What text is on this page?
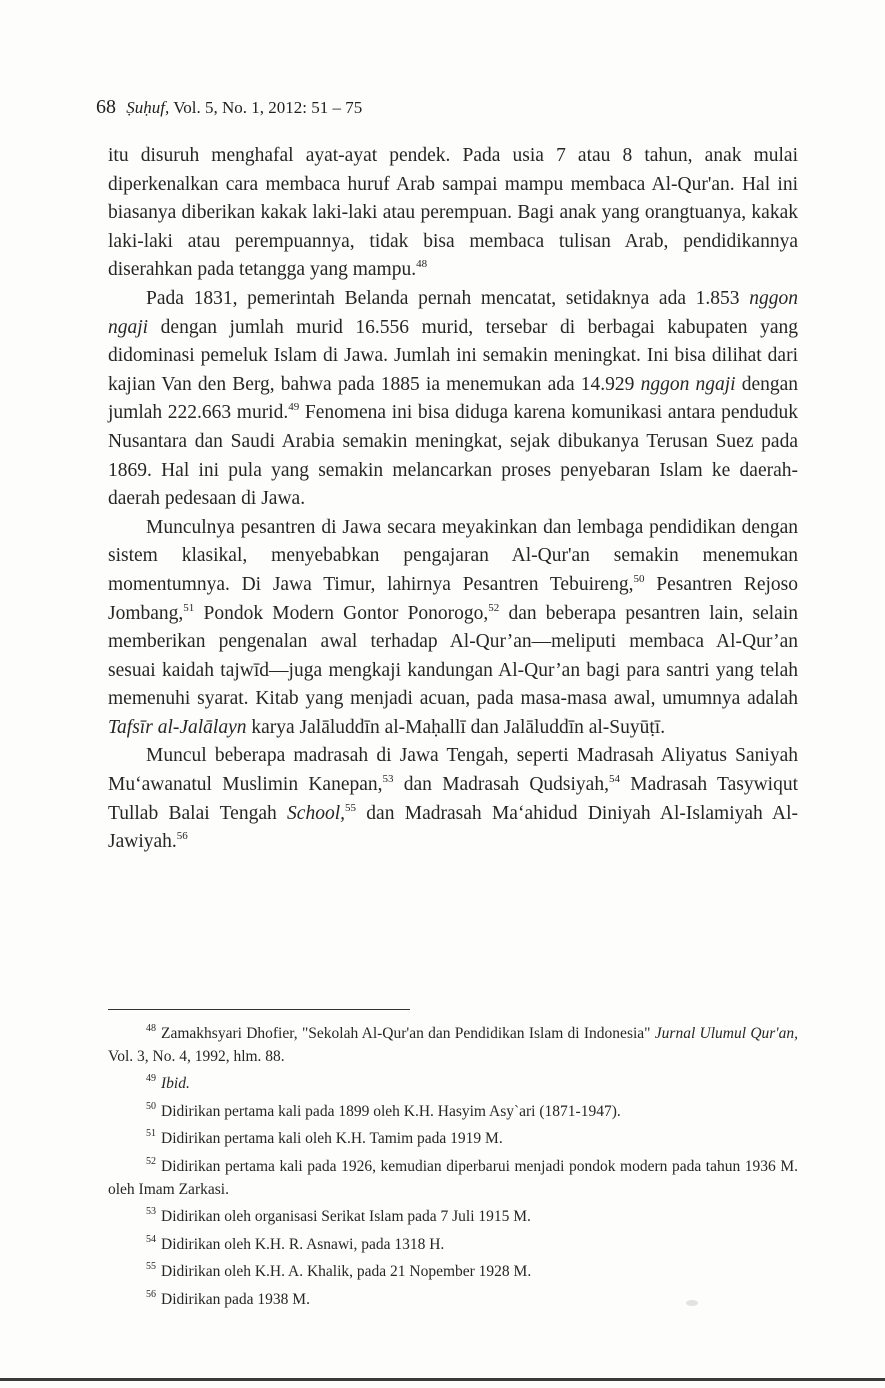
68 Ṣuḥuf, Vol. 5, No. 1, 2012: 51 – 75

itu disuruh menghafal ayat-ayat pendek. Pada usia 7 atau 8 tahun, anak mulai diperkenalkan cara membaca huruf Arab sampai mampu membaca Al-Qur'an. Hal ini biasanya diberikan kakak laki-laki atau perempuan. Bagi anak yang orangtuanya, kakak laki-laki atau perempuannya, tidak bisa membaca tulisan Arab, pendidikannya diserahkan pada tetangga yang mampu.$^{48}$

Pada 1831, pemerintah Belanda pernah mencatat, setidaknya ada 1.853 nggon ngaji dengan jumlah murid 16.556 murid, tersebar di berbagai kabupaten yang didominasi pemeluk Islam di Jawa. Jumlah ini semakin meningkat. Ini bisa dilihat dari kajian Van den Berg, bahwa pada 1885 ia menemukan ada 14.929 nggon ngaji dengan jumlah 222.663 murid.$^{49}$ Fenomena ini bisa diduga karena komunikasi antara penduduk Nusantara dan Saudi Arabia semakin meningkat, sejak dibukanya Terusan Suez pada 1869. Hal ini pula yang semakin melancarkan proses penyebaran Islam ke daerah-daerah pedesaan di Jawa.

Munculnya pesantren di Jawa secara meyakinkan dan lembaga pendidikan dengan sistem klasikal, menyebabkan pengajaran Al-Qur'an semakin menemukan momentumnya. Di Jawa Timur, lahirnya Pesantren Tebuireng,$^{50}$ Pesantren Rejoso Jombang,$^{51}$ Pondok Modern Gontor Ponorogo,$^{52}$ dan beberapa pesantren lain, selain memberikan pengenalan awal terhadap Al-Qur’an—meliputi membaca Al-Qur’an sesuai kaidah tajwīd—juga mengkaji kandungan Al-Qur’an bagi para santri yang telah memenuhi syarat. Kitab yang menjadi acuan, pada masa-masa awal, umumnya adalah Tafsīr al-Jalālayn karya Jalāluddīn al-Maḥallī dan Jalāluddīn al-Suyūṭī.

Muncul beberapa madrasah di Jawa Tengah, seperti Madrasah Aliyatus Saniyah Mu‘awanatul Muslimin Kanepan,$^{53}$ dan Madrasah Qudsiyah,$^{54}$ Madrasah Tasywiqut Tullab Balai Tengah School,$^{55}$ dan Madrasah Ma‘ahidud Diniyah Al-Islamiyah Al-Jawiyah.$^{56}$

$^{48}$ Zamakhsyari Dhofier, "Sekolah Al-Qur'an dan Pendidikan Islam di Indonesia" Jurnal Ulumul Qur'an, Vol. 3, No. 4, 1992, hlm. 88.

$^{49}$ Ibid.

$^{50}$ Didirikan pertama kali pada 1899 oleh K.H. Hasyim Asy`ari (1871-1947).

$^{51}$ Didirikan pertama kali oleh K.H. Tamim pada 1919 M.

$^{52}$ Didirikan pertama kali pada 1926, kemudian diperbarui menjadi pondok modern pada tahun 1936 M. oleh Imam Zarkasi.

$^{53}$ Didirikan oleh organisasi Serikat Islam pada 7 Juli 1915 M.

$^{54}$ Didirikan oleh K.H. R. Asnawi, pada 1318 H.

$^{55}$ Didirikan oleh K.H. A. Khalik, pada 21 Nopember 1928 M.

$^{56}$ Didirikan pada 1938 M.
